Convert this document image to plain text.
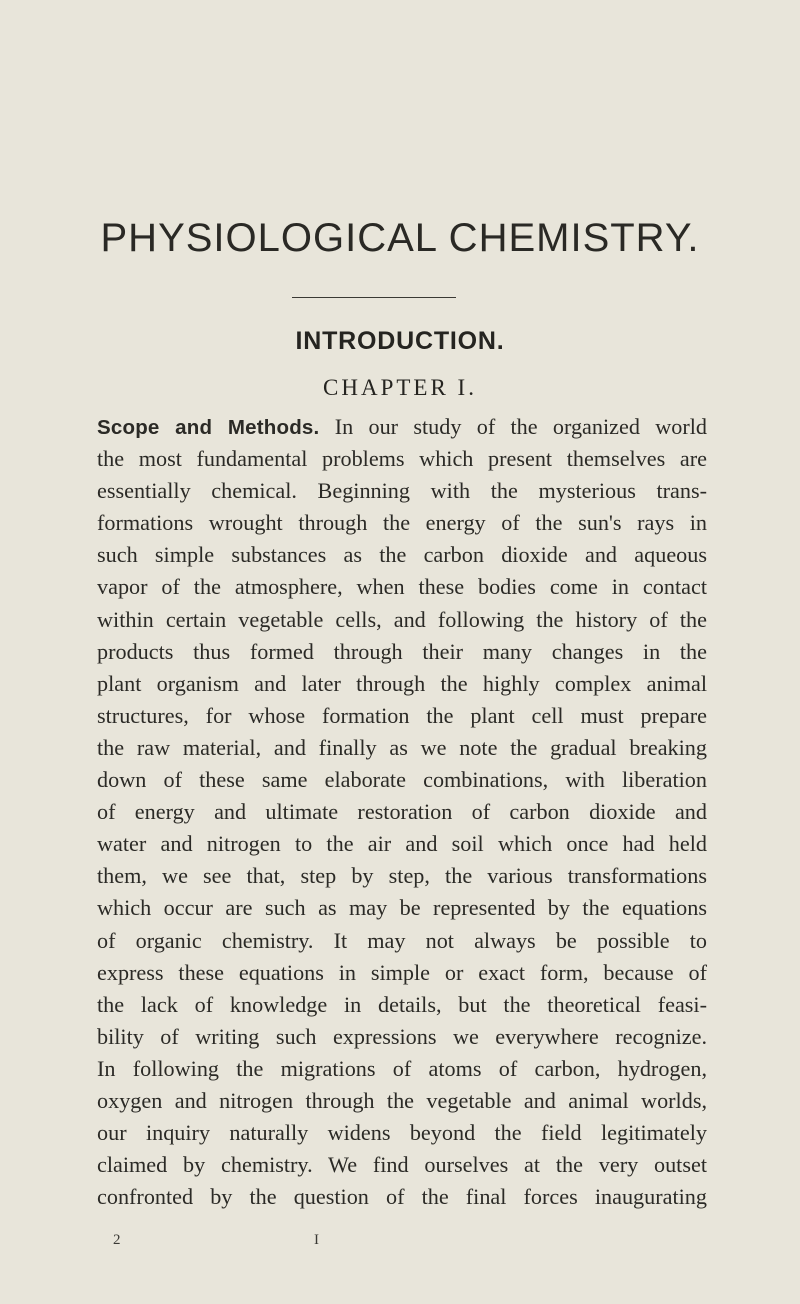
PHYSIOLOGICAL CHEMISTRY.
INTRODUCTION.
CHAPTER I.
Scope and Methods. In our study of the organized world
the most fundamental problems which present themselves are
essentially chemical. Beginning with the mysterious trans-
formations wrought through the energy of the sun's rays in
such simple substances as the carbon dioxide and aqueous
vapor of the atmosphere, when these bodies come in contact
within certain vegetable cells, and following the history of the
products thus formed through their many changes in the
plant organism and later through the highly complex animal
structures, for whose formation the plant cell must prepare
the raw material, and finally as we note the gradual breaking
down of these same elaborate combinations, with liberation
of energy and ultimate restoration of carbon dioxide and
water and nitrogen to the air and soil which once had held
them, we see that, step by step, the various transformations
which occur are such as may be represented by the equations
of organic chemistry. It may not always be possible to
express these equations in simple or exact form, because of
the lack of knowledge in details, but the theoretical feasi-
bility of writing such expressions we everywhere recognize.
In following the migrations of atoms of carbon, hydrogen,
oxygen and nitrogen through the vegetable and animal worlds,
our inquiry naturally widens beyond the field legitimately
claimed by chemistry. We find ourselves at the very outset
confronted by the question of the final forces inaugurating
2	I
